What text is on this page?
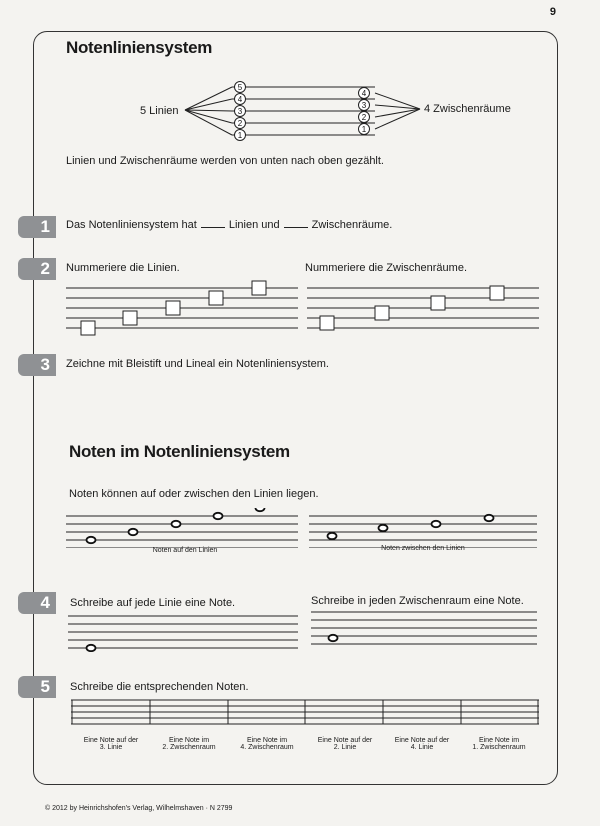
9
Notenliniensystem
5 Linien	4 Zwischenräume
5
4
3
2
1
4
3
2
1
Linien und Zwischenräume werden von unten nach oben gezählt.
1	Das Notenliniensystem hat	Linien und	Zwischenräume.
2	Nummeriere die Linien.	Nummeriere die Zwischenräume.
3	Zeichne mit Bleistift und Lineal ein Notenliniensystem.
Noten im Notenliniensystem
Noten können auf oder zwischen den Linien liegen.
Noten auf den Linien	Noten zwischen den Linien
4	Schreibe auf jede Linie eine Note.	Schreibe in jeden Zwischenraum eine Note.
5	Schreibe die entsprechenden Noten.
Eine Note auf der
3. Linie
Eine Note im
2. Zwischenraum
Eine Note im
4. Zwischenraum
Eine Note auf der
2. Linie
Eine Note auf der
4. Linie
Eine Note im
1. Zwischenraum
© 2012 by Heinrichshofen's Verlag, Wilhelmshaven · N 2799
